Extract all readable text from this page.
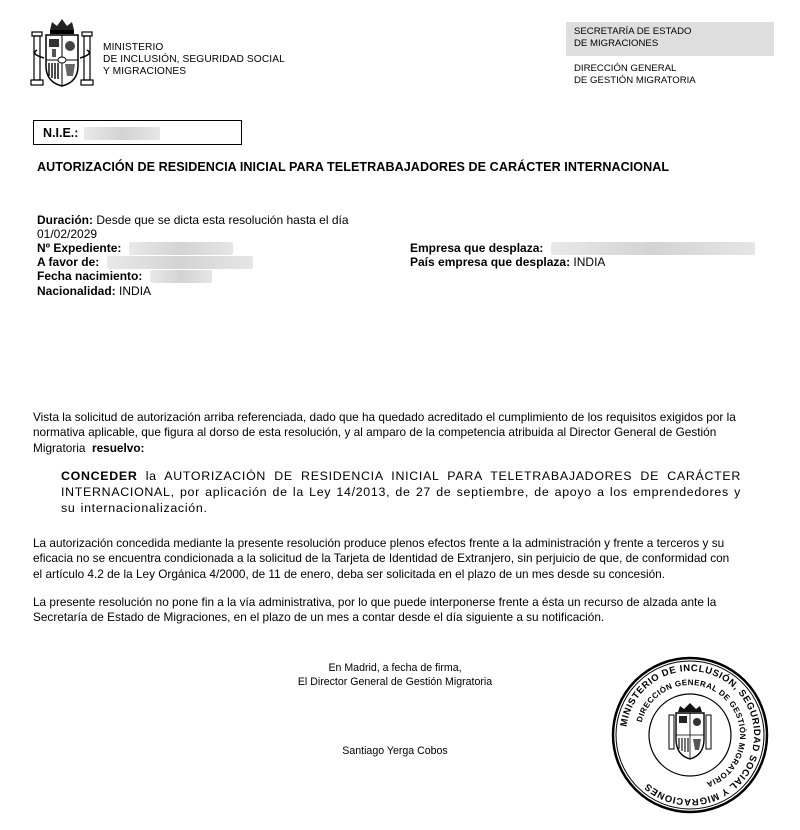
MINISTERIO
DE INCLUSIÓN, SEGURIDAD SOCIAL
Y MIGRACIONES
SECRETARÍA DE ESTADO
DE MIGRACIONES
DIRECCIÓN GENERAL
DE GESTIÓN MIGRATORIA
N.I.E.:
AUTORIZACIÓN DE RESIDENCIA INICIAL PARA TELETRABAJADORES DE CARÁCTER INTERNACIONAL
Duración: Desde que se dicta esta resolución hasta el día
01/02/2029
Nº Expediente:
A favor de:
Fecha nacimiento:
Nacionalidad: INDIA
Empresa que desplaza:
País empresa que desplaza: INDIA
Vista la solicitud de autorización arriba referenciada, dado que ha quedado acreditado el cumplimiento de los requisitos exigidos por la
normativa aplicable, que figura al dorso de esta resolución, y al amparo de la competencia atribuida al Director General de Gestión
Migratoria resuelvo:
CONCEDER la AUTORIZACIÓN DE RESIDENCIA INICIAL PARA TELETRABAJADORES DE CARÁCTER INTERNACIONAL, por aplicación de la Ley 14/2013, de 27 de septiembre, de apoyo a los emprendedores y su internacionalización.
La autorización concedida mediante la presente resolución produce plenos efectos frente a la administración y frente a terceros y su
eficacia no se encuentra condicionada a la solicitud de la Tarjeta de Identidad de Extranjero, sin perjuicio de que, de conformidad con
el artículo 4.2 de la Ley Orgánica 4/2000, de 11 de enero, deba ser solicitada en el plazo de un mes desde su concesión.
La presente resolución no pone fin a la vía administrativa, por lo que puede interponerse frente a ésta un recurso de alzada ante la
Secretaría de Estado de Migraciones, en el plazo de un mes a contar desde el día siguiente a su notificación.
En Madrid, a fecha de firma,
El Director General de Gestión Migratoria
Santiago Yerga Cobos
MINISTERIO DE INCLUSIÓN, SEGURIDAD SOCIAL Y MIGRACIONES
DIRECCIÓN GENERAL DE GESTIÓN MIGRATORIA
